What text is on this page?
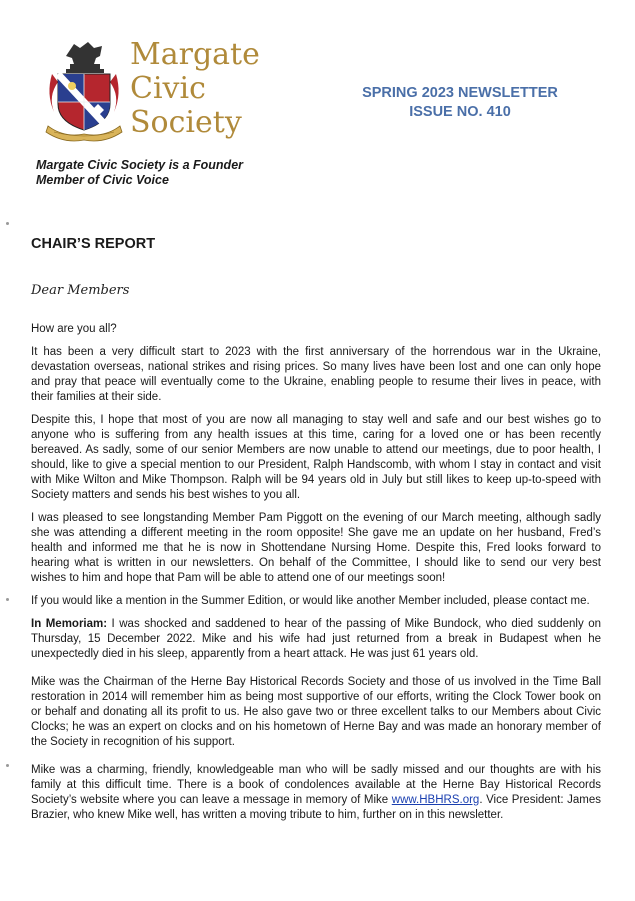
Margate
Civic
Society
SPRING 2023 NEWSLETTER
ISSUE NO. 410
Margate Civic Society is a Founder
Member of Civic Voice
CHAIR’S REPORT
Dear Members

How are you all?

It has been a very difficult start to 2023 with the first anniversary of the horrendous war in the Ukraine, devastation overseas, national strikes and rising prices. So many lives have been lost and one can only hope and pray that peace will eventually come to the Ukraine, enabling people to resume their lives in peace, with their families at their side.

Despite this, I hope that most of you are now all managing to stay well and safe and our best wishes go to anyone who is suffering from any health issues at this time, caring for a loved one or has been recently bereaved. As sadly, some of our senior Members are now unable to attend our meetings, due to poor health, I should, like to give a special mention to our President, Ralph Handscomb, with whom I stay in contact and visit with Mike Wilton and Mike Thompson. Ralph will be 94 years old in July but still likes to keep up-to-speed with Society matters and sends his best wishes to you all.

I was pleased to see longstanding Member Pam Piggott on the evening of our March meeting, although sadly she was attending a different meeting in the room opposite! She gave me an update on her husband, Fred’s health and informed me that he is now in Shottendane Nursing Home. Despite this, Fred looks forward to hearing what is written in our newsletters. On behalf of the Committee, I should like to send our very best wishes to him and hope that Pam will be able to attend one of our meetings soon!

If you would like a mention in the Summer Edition, or would like another Member included, please contact me.

In Memoriam: I was shocked and saddened to hear of the passing of Mike Bundock, who died suddenly on Thursday, 15 December 2022. Mike and his wife had just returned from a break in Budapest when he unexpectedly died in his sleep, apparently from a heart attack. He was just 61 years old.

Mike was the Chairman of the Herne Bay Historical Records Society and those of us involved in the Time Ball restoration in 2014 will remember him as being most supportive of our efforts, writing the Clock Tower book on or behalf and donating all its profit to us. He also gave two or three excellent talks to our Members about Civic Clocks; he was an expert on clocks and on his hometown of Herne Bay and was made an honorary member of the Society in recognition of his support.

Mike was a charming, friendly, knowledgeable man who will be sadly missed and our thoughts are with his family at this difficult time. There is a book of condolences available at the Herne Bay Historical Records Society’s website where you can leave a message in memory of Mike www.HBHRS.org. Vice President: James Brazier, who knew Mike well, has written a moving tribute to him, further on in this newsletter.
